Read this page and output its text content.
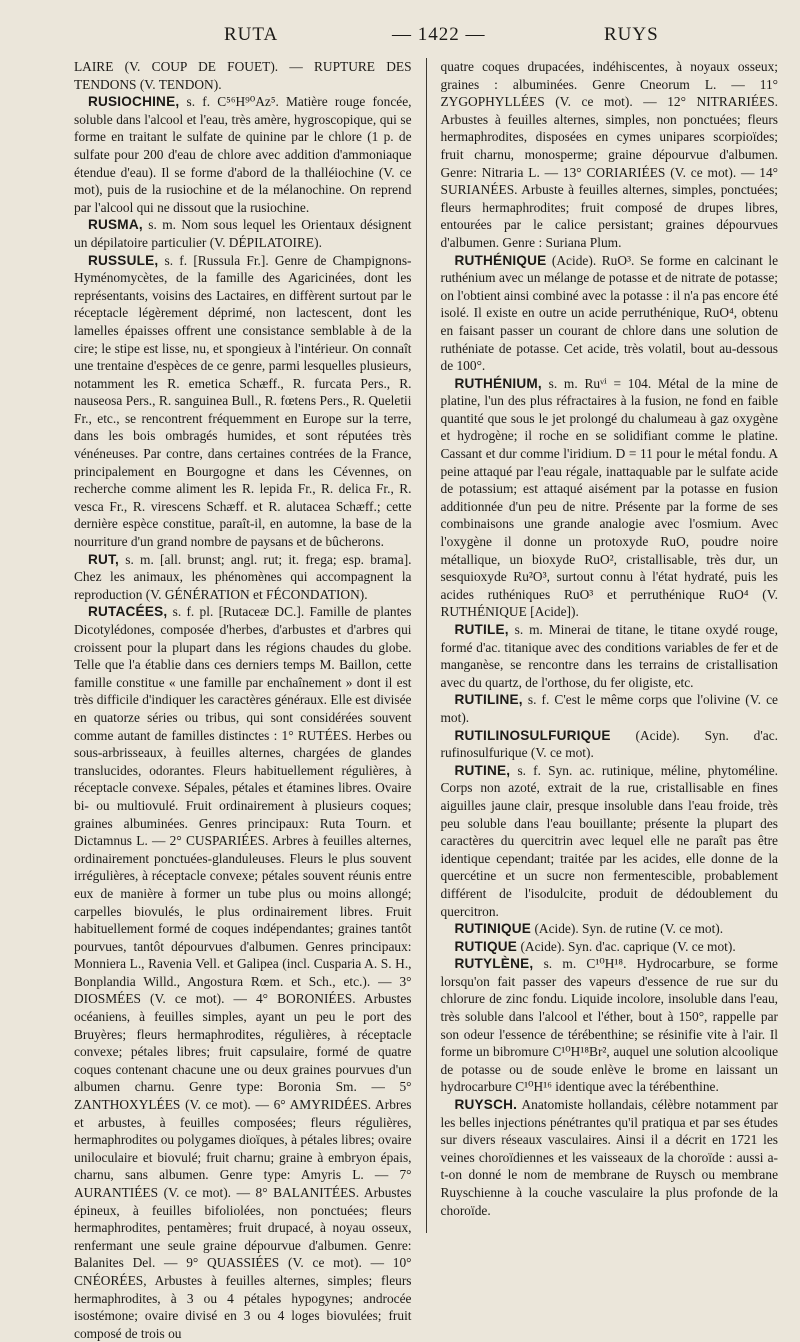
RUTA	— 1422 —	RUYS

LAIRE (V. COUP DE FOUET). — RUPTURE DES TENDONS (V. TENDON).

RUSIOCHINE, s. f. C⁵⁶H⁹⁰Az⁵. Matière rouge foncée, soluble dans l'alcool et l'eau, très amère, hygroscopique, qui se forme en traitant le sulfate de quinine par le chlore (1 p. de sulfate pour 200 d'eau de chlore avec addition d'ammoniaque étendue d'eau). Il se forme d'abord de la thalléiochine (V. ce mot), puis de la rusiochine et de la mélanochine. On reprend par l'alcool qui ne dissout que la rusiochine.

RUSMA, s. m. Nom sous lequel les Orientaux désignent un dépilatoire particulier (V. DÉPILATOIRE).

RUSSULE, s. f. [Russula Fr.]. Genre de Champignons-Hyménomycètes, de la famille des Agaricinées, dont les représentants, voisins des Lactaires, en diffèrent surtout par le réceptacle légèrement déprimé, non lactescent, dont les lamelles épaisses offrent une consistance semblable à de la cire; le stipe est lisse, nu, et spongieux à l'intérieur. On connaît une trentaine d'espèces de ce genre, parmi lesquelles plusieurs, notamment les R. emetica Schæff., R. furcata Pers., R. nauseosa Pers., R. sanguinea Bull., R. fœtens Pers., R. Queletii Fr., etc., se rencontrent fréquemment en Europe sur la terre, dans les bois ombragés humides, et sont réputées très vénéneuses. Par contre, dans certaines contrées de la France, principalement en Bourgogne et dans les Cévennes, on recherche comme aliment les R. lepida Fr., R. delica Fr., R. vesca Fr., R. virescens Schæff. et R. alutacea Schæff.; cette dernière espèce constitue, paraît-il, en automne, la base de la nourriture d'un grand nombre de paysans et de bûcherons.

RUT, s. m. [all. brunst; angl. rut; it. frega; esp. brama]. Chez les animaux, les phénomènes qui accompagnent la reproduction (V. GÉNÉRATION et FÉCONDATION).

RUTACÉES, s. f. pl. [Rutaceæ DC.]. Famille de plantes Dicotylédones, composée d'herbes, d'arbustes et d'arbres qui croissent pour la plupart dans les régions chaudes du globe. Telle que l'a établie dans ces derniers temps M. Baillon, cette famille constitue « une famille par enchaînement » dont il est très difficile d'indiquer les caractères généraux. Elle est divisée en quatorze séries ou tribus, qui sont considérées souvent comme autant de familles distinctes : 1° RUTÉES. Herbes ou sous-arbrisseaux, à feuilles alternes, chargées de glandes translucides, odorantes. Fleurs habituellement régulières, à réceptacle convexe. Sépales, pétales et étamines libres. Ovaire bi- ou multiovulé. Fruit ordinairement à plusieurs coques; graines albuminées. Genres principaux: Ruta Tourn. et Dictamnus L. — 2° CUSPARIÉES. Arbres à feuilles alternes, ordinairement ponctuées-glanduleuses. Fleurs le plus souvent irrégulières, à réceptacle convexe; pétales souvent réunis entre eux de manière à former un tube plus ou moins allongé; carpelles biovulés, le plus ordinairement libres. Fruit habituellement formé de coques indépendantes; graines tantôt pourvues, tantôt dépourvues d'albumen. Genres principaux: Monniera L., Ravenia Vell. et Galipea (incl. Cusparia A. S. H., Bonplandia Willd., Angostura Rœm. et Sch., etc.). — 3° DIOSMÉES (V. ce mot). — 4° BORONIÉES. Arbustes océaniens, à feuilles simples, ayant un peu le port des Bruyères; fleurs hermaphrodites, régulières, à réceptacle convexe; pétales libres; fruit capsulaire, formé de quatre coques contenant chacune une ou deux graines pourvues d'un albumen charnu. Genre type: Boronia Sm. — 5° ZANTHOXYLÉES (V. ce mot). — 6° AMYRIDÉES. Arbres et arbustes, à feuilles composées; fleurs régulières, hermaphrodites ou polygames dioïques, à pétales libres; ovaire uniloculaire et biovulé; fruit charnu; graine à embryon épais, charnu, sans albumen. Genre type: Amyris L. — 7° AURANTIÉES (V. ce mot). — 8° BALANITÉES. Arbustes épineux, à feuilles bifoliolées, non ponctuées; fleurs hermaphrodites, pentamères; fruit drupacé, à noyau osseux, renfermant une seule graine dépourvue d'albumen. Genre: Balanites Del. — 9° QUASSIÉES (V. ce mot). — 10° CNÉORÉES, Arbustes à feuilles alternes, simples; fleurs hermaphrodites, à 3 ou 4 pétales hypogynes; androcée isostémone; ovaire divisé en 3 ou 4 loges biovulées; fruit composé de trois ou

quatre coques drupacées, indéhiscentes, à noyaux osseux; graines : albuminées. Genre Cneorum L. — 11° ZYGOPHYLLÉES (V. ce mot). — 12° NITRARIÉES. Arbustes à feuilles alternes, simples, non ponctuées; fleurs hermaphrodites, disposées en cymes unipares scorpioïdes; fruit charnu, monosperme; graine dépourvue d'albumen. Genre: Nitraria L. — 13° CORIARIÉES (V. ce mot). — 14° SURIANÉES. Arbuste à feuilles alternes, simples, ponctuées; fleurs hermaphrodites; fruit composé de drupes libres, entourées par le calice persistant; graines dépourvues d'albumen. Genre : Suriana Plum.

RUTHÉNIQUE (Acide). RuO³. Se forme en calcinant le ruthénium avec un mélange de potasse et de nitrate de potasse; on l'obtient ainsi combiné avec la potasse : il n'a pas encore été isolé. Il existe en outre un acide perruthénique, RuO⁴, obtenu en faisant passer un courant de chlore dans une solution de ruthéniate de potasse. Cet acide, très volatil, bout au-dessous de 100°.

RUTHÉNIUM, s. m. Ruᵛⁱ = 104. Métal de la mine de platine, l'un des plus réfractaires à la fusion, ne fond en faible quantité que sous le jet prolongé du chalumeau à gaz oxygène et hydrogène; il roche en se solidifiant comme le platine. Cassant et dur comme l'iridium. D = 11 pour le métal fondu. A peine attaqué par l'eau régale, inattaquable par le sulfate acide de potassium; est attaqué aisément par la potasse en fusion additionnée d'un peu de nitre. Présente par la forme de ses combinaisons une grande analogie avec l'osmium. Avec l'oxygène il donne un protoxyde RuO, poudre noire métallique, un bioxyde RuO², cristallisable, très dur, un sesquioxyde Ru²O³, surtout connu à l'état hydraté, puis les acides ruthéniques RuO³ et perruthénique RuO⁴ (V. RUTHÉNIQUE [Acide]).

RUTILE, s. m. Minerai de titane, le titane oxydé rouge, formé d'ac. titanique avec des conditions variables de fer et de manganèse, se rencontre dans les terrains de cristallisation avec du quartz, de l'orthose, du fer oligiste, etc.

RUTILINE, s. f. C'est le même corps que l'olivine (V. ce mot).

RUTILINOSULFURIQUE (Acide). Syn. d'ac. rufinosulfurique (V. ce mot).

RUTINE, s. f. Syn. ac. rutinique, méline, phytoméline. Corps non azoté, extrait de la rue, cristallisable en fines aiguilles jaune clair, presque insoluble dans l'eau froide, très peu soluble dans l'eau bouillante; présente la plupart des caractères du quercitrin avec lequel elle ne paraît pas être identique cependant; traitée par les acides, elle donne de la quercétine et un sucre non fermentescible, probablement différent de l'isodulcite, produit de dédoublement du quercitron.

RUTINIQUE (Acide). Syn. de rutine (V. ce mot).

RUTIQUE (Acide). Syn. d'ac. caprique (V. ce mot).

RUTYLÈNE, s. m. C¹⁰H¹⁸. Hydrocarbure, se forme lorsqu'on fait passer des vapeurs d'essence de rue sur du chlorure de zinc fondu. Liquide incolore, insoluble dans l'eau, très soluble dans l'alcool et l'éther, bout à 150°, rappelle par son odeur l'essence de térébenthine; se résinifie vite à l'air. Il forme un bibromure C¹⁰H¹⁸Br², auquel une solution alcoolique de potasse ou de soude enlève le brome en laissant un hydrocarbure C¹⁰H¹⁶ identique avec la térébenthine.

RUYSCH. Anatomiste hollandais, célèbre notamment par les belles injections pénétrantes qu'il pratiqua et par ses études sur divers réseaux vasculaires. Ainsi il a décrit en 1721 les veines choroïdiennes et les vaisseaux de la choroïde : aussi a-t-on donné le nom de membrane de Ruysch ou membrane Ruyschienne à la couche vasculaire la plus profonde de la choroïde.
